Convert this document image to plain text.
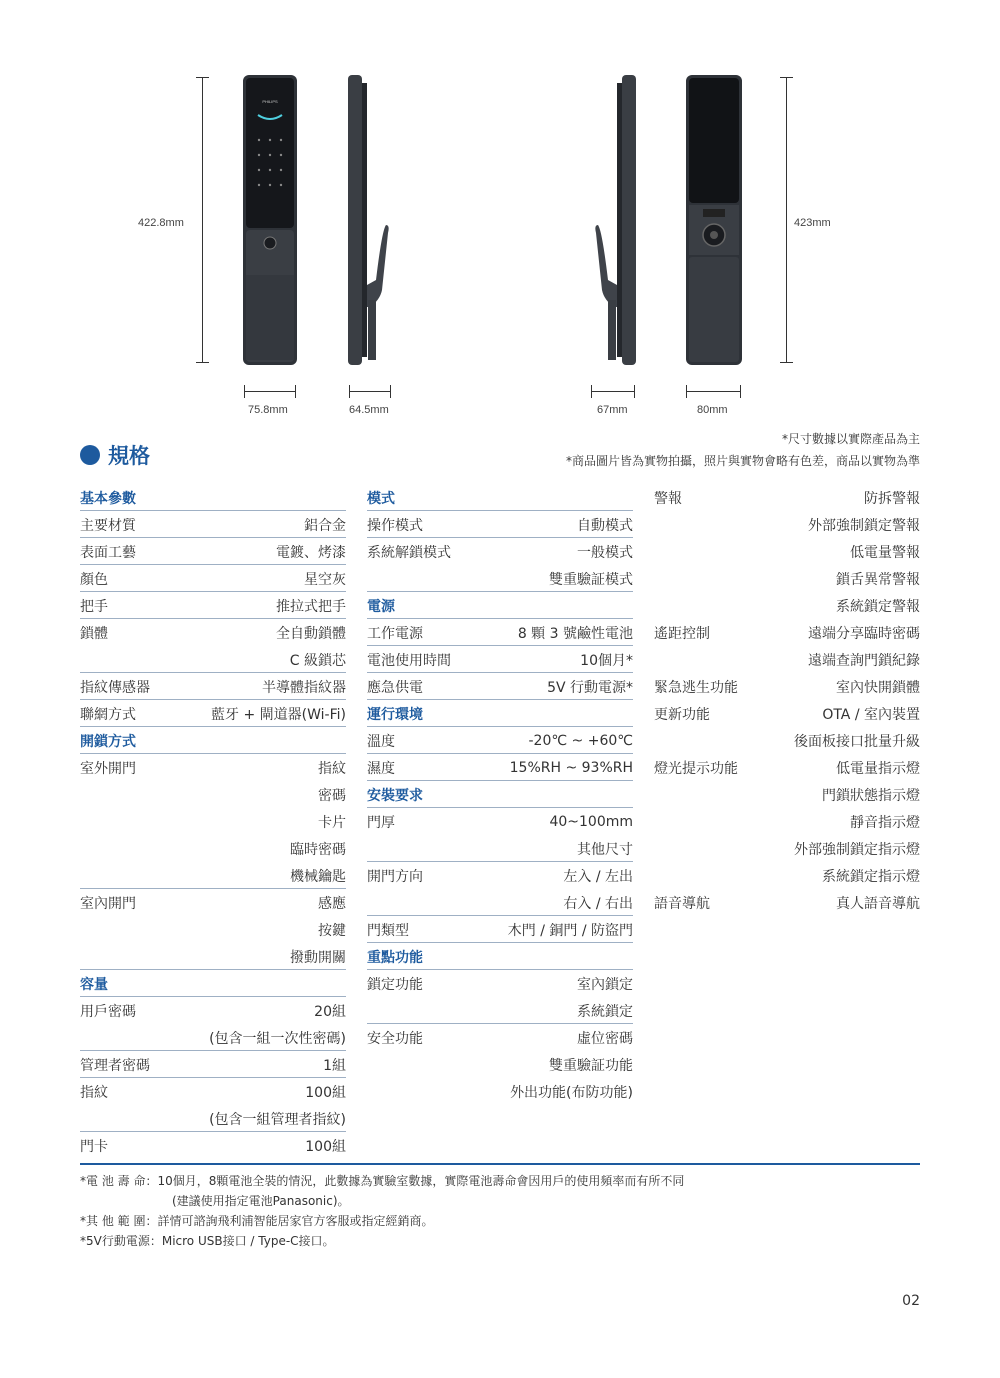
422.8mm	423mm
75.8mm	64.5mm	67mm	80mm
PHILIPS
規格
*尺寸數據以實際產品為主
*商品圖片皆為實物拍攝，照片與實物會略有色差，商品以實物為準
基本參數
主要材質	鋁合金
表面工藝	電鍍、烤漆
顏色	星空灰
把手	推拉式把手
鎖體	全自動鎖體
C 級鎖芯
指紋傳感器	半導體指紋器
聯網方式	藍牙 + 閘道器(Wi-Fi)
開鎖方式
室外開門	指紋
密碼
卡片
臨時密碼
機械鑰匙
室內開門	感應
按鍵
撥動開關
容量
用戶密碼	20組
(包含一組一次性密碼)
管理者密碼	1組
指紋	100組
(包含一組管理者指紋)
門卡	100組
模式
操作模式	自動模式
系統解鎖模式	一般模式
雙重驗証模式
電源
工作電源	8 顆 3 號鹼性電池
電池使用時間	10個月*
應急供電	5V 行動電源*
運行環境
溫度	-20℃ ~ +60℃
濕度	15%RH ~ 93%RH
安裝要求
門厚	40~100mm
其他尺寸
開門方向	左入 / 左出
右入 / 右出
門類型	木門 / 銅門 / 防盜門
重點功能
鎖定功能	室內鎖定
系統鎖定
安全功能	虛位密碼
雙重驗証功能
外出功能(布防功能)
警報	防拆警報
外部強制鎖定警報
低電量警報
鎖舌異常警報
系統鎖定警報
遙距控制	遠端分享臨時密碼
遠端查詢門鎖紀錄
緊急逃生功能	室內快開鎖體
更新功能	OTA / 室內裝置
後面板接口批量升級
燈光提示功能	低電量指示燈
門鎖狀態指示燈
靜音指示燈
外部強制鎖定指示燈
系統鎖定指示燈
語音導航	真人語音導航
*電 池 壽 命：10個月，8顆電池全裝的情況，此數據為實驗室數據，實際電池壽命會因用戶的使用頻率而有所不同
(建議使用指定電池Panasonic)。
*其 他 範 圍：詳情可諮詢飛利浦智能居家官方客服或指定經銷商。
*5V行動電源：Micro USB接口 / Type-C接口。
02
